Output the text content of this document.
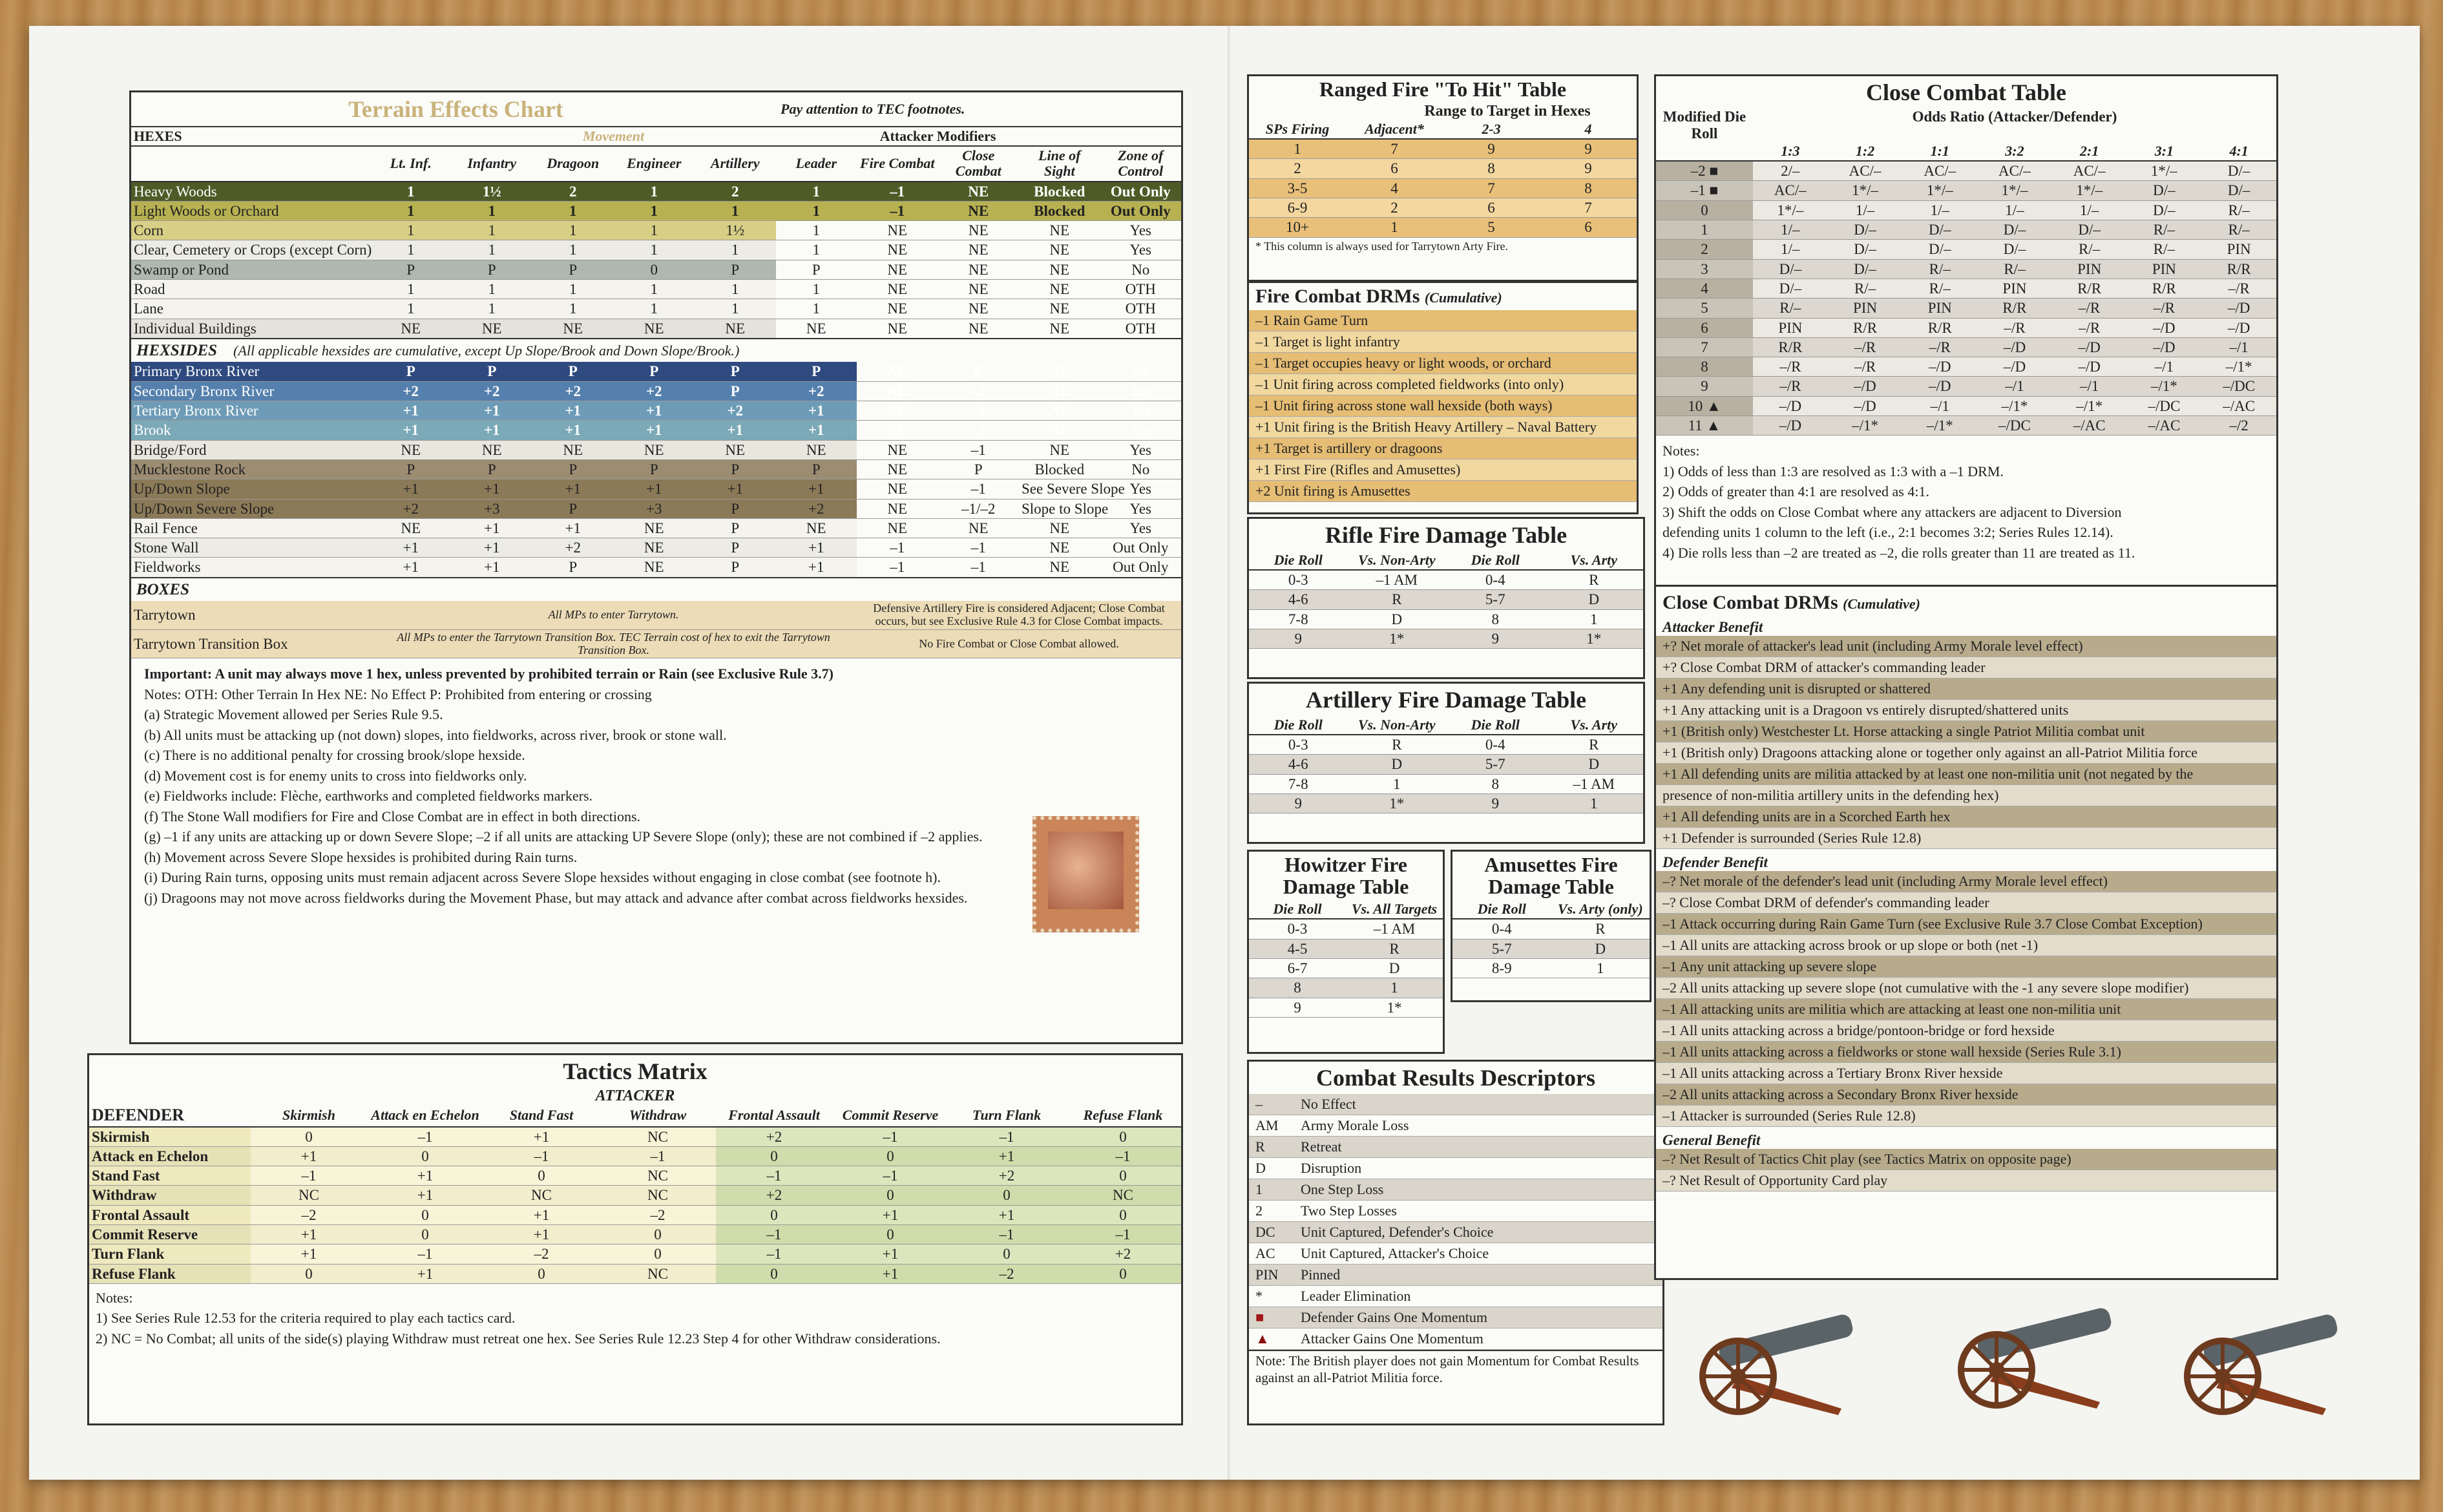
Terrain Effects Chart	Pay attention to TEC footnotes.
HEXES	Movement						Attacker Modifiers			
	Lt. Inf.	Infantry	Dragoon	Engineer	Artillery	Leader	Fire Combat	Close Combat	Line of Sight	Zone of Control
Heavy Woods	1	1½	2	1	2	1	–1	NE	Blocked	Out Only
Light Woods or Orchard	1	1	1	1	1	1	–1	NE	Blocked	Out Only
Corn	1	1	1	1	1½	1	NE	NE	NE	Yes
Clear, Cemetery or Crops (except Corn)	1	1	1	1	1	1	NE	NE	NE	Yes
Swamp or Pond	P	P	P	0	P	P	NE	NE	NE	No
Road	1	1	1	1	1	1	NE	NE	NE	OTH
Lane	1	1	1	1	1	1	NE	NE	NE	OTH
Individual Buildings	NE	NE	NE	NE	NE	NE	NE	NE	NE	OTH
HEXSIDES (All applicable hexsides are cumulative, except Up Slope/Brook and Down Slope/Brook.)										
Primary Bronx River	P	P	P	P	P	P	NE	P	NE	No
Secondary Bronx River	+2	+2	+2	+2	P	+2	NE	–2	NE	Yes
Tertiary Bronx River	+1	+1	+1	+1	+2	+1	NE	–1	NE	Yes
Brook	+1	+1	+1	+1	+1	+1	NE	–1	NE	Yes
Bridge/Ford	NE	NE	NE	NE	NE	NE	NE	–1	NE	Yes
Mucklestone Rock	P	P	P	P	P	P	NE	P	Blocked	No
Up/Down Slope	+1	+1	+1	+1	+1	+1	NE	–1	See Severe Slope	Yes
Up/Down Severe Slope	+2	+3	P	+3	P	+2	NE	–1/–2	Slope to Slope	Yes
Rail Fence	NE	+1	+1	NE	P	NE	NE	NE	NE	Yes
Stone Wall	+1	+1	+2	NE	P	+1	–1	–1	NE	Out Only
Fieldworks	+1	+1	P	NE	P	+1	–1	–1	NE	Out Only
BOXES										
Tarrytown	All MPs to enter Tarrytown.						Defensive Artillery Fire is considered Adjacent; Close Combat occurs, but see Exclusive Rule 4.3 for Close Combat impacts.			
Tarrytown Transition Box	All MPs to enter the Tarrytown Transition Box. TEC Terrain cost of hex to exit the Tarrytown Transition Box.						No Fire Combat or Close Combat allowed.			
Important: A unit may always move 1 hex, unless prevented by prohibited terrain or Rain (see Exclusive Rule 3.7)
Notes: OTH: Other Terrain In Hex NE: No Effect P: Prohibited from entering or crossing
(a) Strategic Movement allowed per Series Rule 9.5.
(b) All units must be attacking up (not down) slopes, into fieldworks, across river, brook or stone wall.
(c) There is no additional penalty for crossing brook/slope hexside.
(d) Movement cost is for enemy units to cross into fieldworks only.
(e) Fieldworks include: Flèche, earthworks and completed fieldworks markers.
(f) The Stone Wall modifiers for Fire and Close Combat are in effect in both directions.
(g) –1 if any units are attacking up or down Severe Slope; –2 if all units are attacking UP Severe Slope (only); these are not combined if –2 applies.
(h) Movement across Severe Slope hexsides is prohibited during Rain turns.
(i) During Rain turns, opposing units must remain adjacent across Severe Slope hexsides without engaging in close combat (see footnote h).
(j) Dragoons may not move across fieldworks during the Movement Phase, but may attack and advance after combat across fieldworks hexsides.
Tactics Matrix
ATTACKER
DEFENDER	Skirmish	Attack en Echelon	Stand Fast	Withdraw	Frontal Assault	Commit Reserve	Turn Flank	Refuse Flank
Skirmish	0	–1	+1	NC	+2	–1	–1	0
Attack en Echelon	+1	0	–1	–1	0	0	+1	–1
Stand Fast	–1	+1	0	NC	–1	–1	+2	0
Withdraw	NC	+1	NC	NC	+2	0	0	NC
Frontal Assault	–2	0	+1	–2	0	+1	+1	0
Commit Reserve	+1	0	+1	0	–1	0	–1	–1
Turn Flank	+1	–1	–2	0	–1	+1	0	+2
Refuse Flank	0	+1	0	NC	0	+1	–2	0
Notes:
1) See Series Rule 12.53 for the criteria required to play each tactics card.
2) NC = No Combat; all units of the side(s) playing Withdraw must retreat one hex. See Series Rule 12.23 Step 4 for other Withdraw considerations.
Ranged Fire "To Hit" Table
Range to Target in Hexes
SPs Firing	Adjacent*	2-3	4
1	7	9	9
2	6	8	9
3-5	4	7	8
6-9	2	6	7
10+	1	5	6
* This column is always used for Tarrytown Arty Fire.
Fire Combat DRMs (Cumulative)
–1 Rain Game Turn
–1 Target is light infantry
–1 Target occupies heavy or light woods, or orchard
–1 Unit firing across completed fieldworks (into only)
–1 Unit firing across stone wall hexside (both ways)
+1 Unit firing is the British Heavy Artillery – Naval Battery
+1 Target is artillery or dragoons
+1 First Fire (Rifles and Amusettes)
+2 Unit firing is Amusettes
Rifle Fire Damage Table
Die Roll	Vs. Non-Arty	Die Roll	Vs. Arty
0-3	–1 AM	0-4	R
4-6	R	5-7	D
7-8	D	8	1
9	1*	9	1*
Artillery Fire Damage Table
Die Roll	Vs. Non-Arty	Die Roll	Vs. Arty
0-3	R	0-4	R
4-6	D	5-7	D
7-8	1	8	–1 AM
9	1*	9	1
Howitzer Fire Damage Table
Die Roll	Vs. All Targets
0-3	–1 AM
4-5	R
6-7	D
8	1
9	1*
Amusettes Fire Damage Table
Die Roll	Vs. Arty (only)
0-4	R
5-7	D
8-9	1
Combat Results Descriptors
–	No Effect
AM Army Morale Loss
R	Retreat
D Disruption
1	One Step Loss
2	Two Step Losses
DC Unit Captured, Defender's Choice
AC Unit Captured, Attacker's Choice
PIN Pinned
*	Leader Elimination
■	Defender Gains One Momentum
▲ Attacker Gains One Momentum
Note: The British player does not gain Momentum for Combat Results against an all-Patriot Militia force.
Close Combat Table
Modified Die Roll
Odds Ratio (Attacker/Defender)
	1:3	1:2	1:1	3:2	2:1	3:1	4:1
–2 ■	2/–	AC/–	AC/–	AC/–	AC/–	1*/–	D/–
–1 ■	AC/–	1*/–	1*/–	1*/–	1*/–	D/–	D/–
0	1*/–	1/–	1/–	1/–	1/–	D/–	R/–
1	1/–	D/–	D/–	D/–	D/–	R/–	R/–
2	1/–	D/–	D/–	D/–	R/–	R/–	PIN
3	D/–	D/–	R/–	R/–	PIN	PIN	R/R
4	D/–	R/–	R/–	PIN	R/R	R/R	–/R
5	R/–	PIN	PIN	R/R	–/R	–/R	–/D
6	PIN	R/R	R/R	–/R	–/R	–/D	–/D
7	R/R	–/R	–/R	–/D	–/D	–/D	–/1
8	–/R	–/R	–/D	–/D	–/D	–/1	–/1*
9	–/R	–/D	–/D	–/1	–/1	–/1*	–/DC
10 ▲	–/D	–/D	–/1	–/1*	–/1*	–/DC	–/AC
11 ▲	–/D	–/1*	–/1*	–/DC	–/AC	–/AC	–/2
Notes:
1) Odds of less than 1:3 are resolved as 1:3 with a –1 DRM.
2) Odds of greater than 4:1 are resolved as 4:1.
3) Shift the odds on Close Combat where any attackers are adjacent to Diversion
defending units 1 column to the left (i.e., 2:1 becomes 3:2; Series Rules 12.14).
4) Die rolls less than –2 are treated as –2, die rolls greater than 11 are treated as 11.
Close Combat DRMs (Cumulative)
Attacker Benefit
+? Net morale of attacker's lead unit (including Army Morale level effect)
+? Close Combat DRM of attacker's commanding leader
+1 Any defending unit is disrupted or shattered
+1 Any attacking unit is a Dragoon vs entirely disrupted/shattered units
+1 (British only) Westchester Lt. Horse attacking a single Patriot Militia combat unit
+1 (British only) Dragoons attacking alone or together only against an all-Patriot Militia force
+1 All defending units are militia attacked by at least one non-militia unit (not negated by the
presence of non-militia artillery units in the defending hex)
+1 All defending units are in a Scorched Earth hex
+1 Defender is surrounded (Series Rule 12.8)
Defender Benefit
–? Net morale of the defender's lead unit (including Army Morale level effect)
–? Close Combat DRM of defender's commanding leader
–1 Attack occurring during Rain Game Turn (see Exclusive Rule 3.7 Close Combat Exception)
–1 All units are attacking across brook or up slope or both (net -1)
–1 Any unit attacking up severe slope
–2 All units attacking up severe slope (not cumulative with the -1 any severe slope modifier)
–1 All attacking units are militia which are attacking at least one non-militia unit
–1 All units attacking across a bridge/pontoon-bridge or ford hexside
–1 All units attacking across a fieldworks or stone wall hexside (Series Rule 3.1)
–1 All units attacking across a Tertiary Bronx River hexside
–2 All units attacking across a Secondary Bronx River hexside
–1 Attacker is surrounded (Series Rule 12.8)
General Benefit
–? Net Result of Tactics Chit play (see Tactics Matrix on opposite page)
–? Net Result of Opportunity Card play
